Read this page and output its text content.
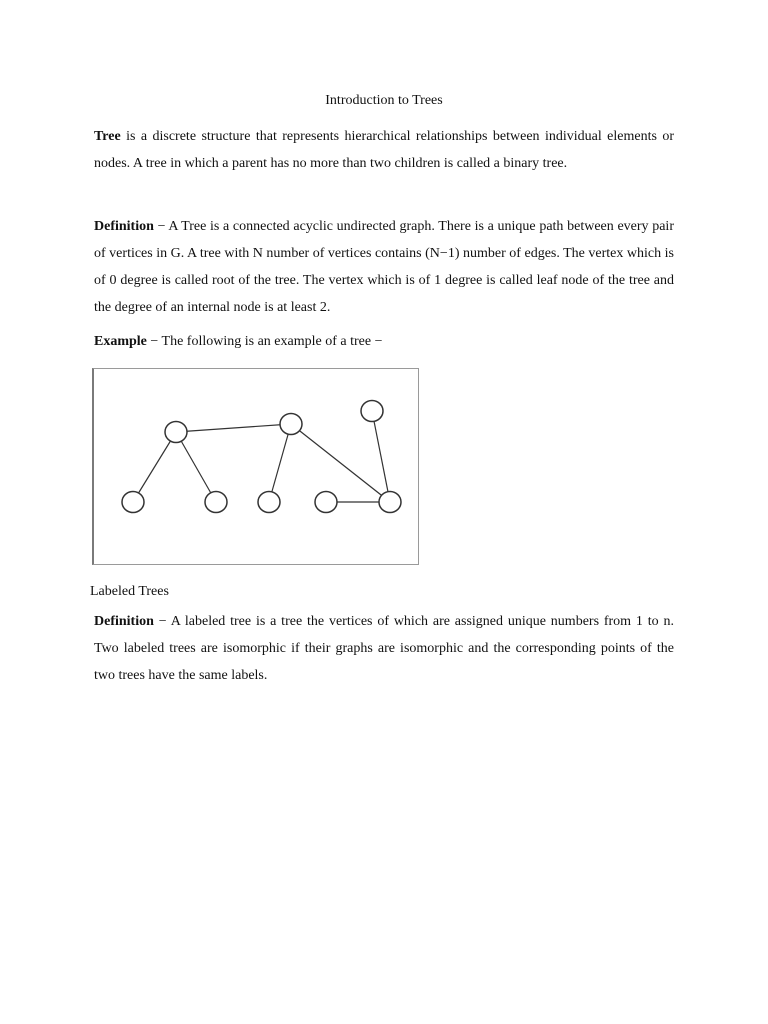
Introduction to Trees

Tree is a discrete structure that represents hierarchical relationships between individual elements or nodes. A tree in which a parent has no more than two children is called a binary tree.

Definition − A Tree is a connected acyclic undirected graph. There is a unique path between every pair of vertices in G. A tree with N number of vertices contains (N−1) number of edges. The vertex which is of 0 degree is called root of the tree. The vertex which is of 1 degree is called leaf node of the tree and the degree of an internal node is at least 2.

Example − The following is an example of a tree −

Labeled Trees

Definition − A labeled tree is a tree the vertices of which are assigned unique numbers from 1 to n. Two labeled trees are isomorphic if their graphs are isomorphic and the corresponding points of the two trees have the same labels.
